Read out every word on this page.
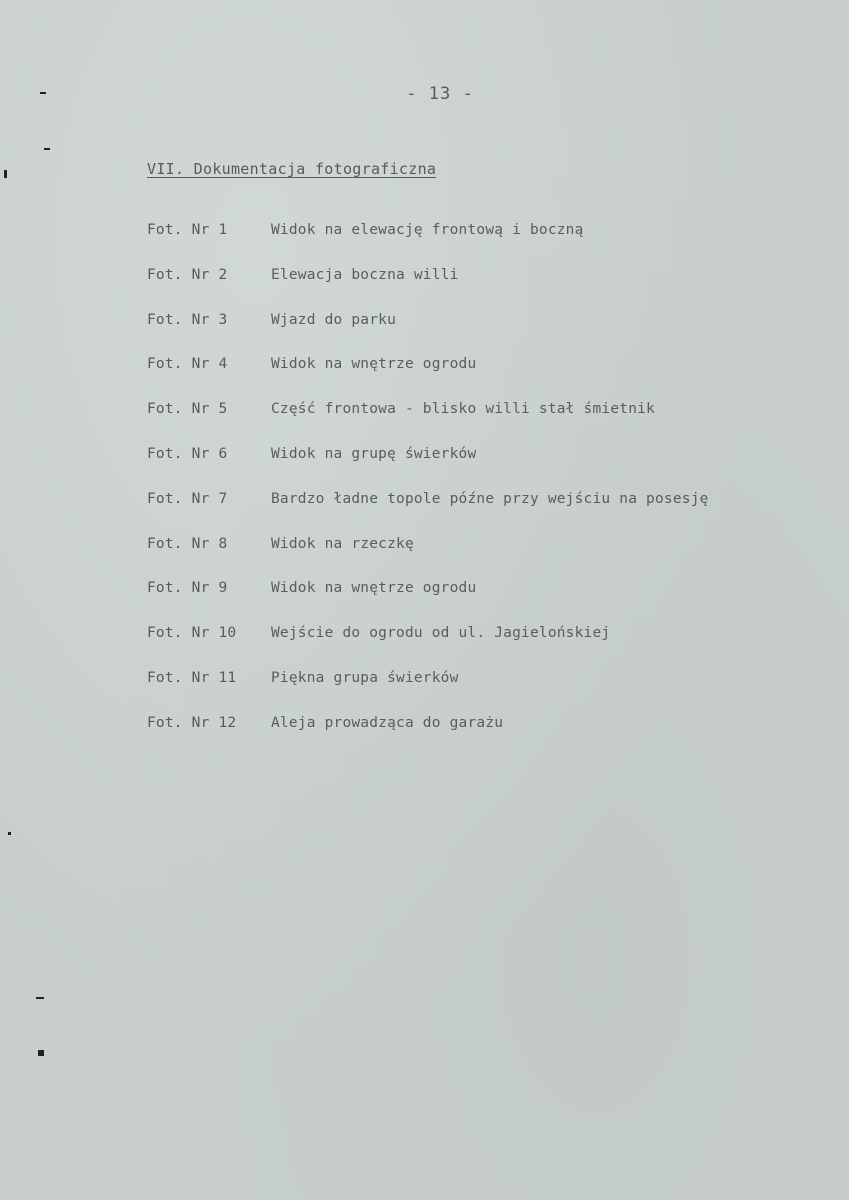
- 13 -
VII. Dokumentacja fotograficzna
Fot. Nr 1	Widok na elewację frontową i boczną
Fot. Nr 2	Elewacja boczna willi
Fot. Nr 3	Wjazd do parku
Fot. Nr 4	Widok na wnętrze ogrodu
Fot. Nr 5	Część frontowa - blisko willi stał śmietnik
Fot. Nr 6	Widok na grupę świerków
Fot. Nr 7	Bardzo ładne topole późne przy wejściu na posesję
Fot. Nr 8	Widok na rzeczkę
Fot. Nr 9	Widok na wnętrze ogrodu
Fot. Nr 10	Wejście do ogrodu od ul. Jagielońskiej
Fot. Nr 11	Piękna grupa świerków
Fot. Nr 12	Aleja prowadząca do garażu
